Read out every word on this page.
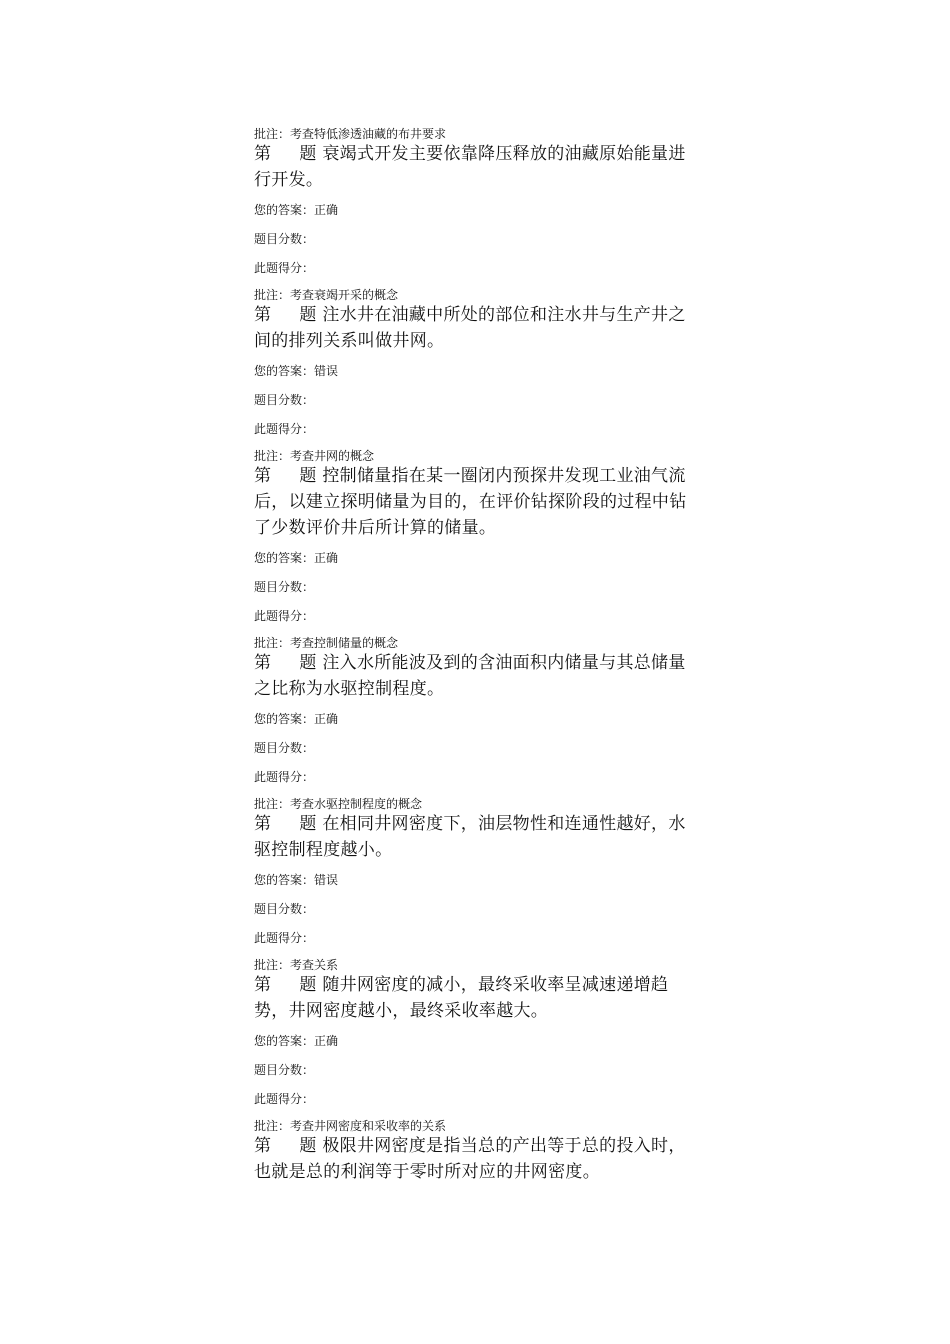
批注：考查特低渗透油藏的布井要求

第 题 衰竭式开发主要依靠降压释放的油藏原始能量进行开发。

您的答案：正确

题目分数：

此题得分：

批注：考查衰竭开采的概念

第 题 注水井在油藏中所处的部位和注水井与生产井之间的排列关系叫做井网。

您的答案：错误

题目分数：

此题得分：

批注：考查井网的概念

第 题 控制储量指在某一圈闭内预探井发现工业油气流后，以建立探明储量为目的，在评价钻探阶段的过程中钻了少数评价井后所计算的储量。

您的答案：正确

题目分数：

此题得分：

批注：考查控制储量的概念

第 题 注入水所能波及到的含油面积内储量与其总储量之比称为水驱控制程度。

您的答案：正确

题目分数：

此题得分：

批注：考查水驱控制程度的概念

第 题 在相同井网密度下，油层物性和连通性越好，水驱控制程度越小。

您的答案：错误

题目分数：

此题得分：

批注：考查关系

第 题 随井网密度的减小，最终采收率呈减速递增趋势，井网密度越小，最终采收率越大。

您的答案：正确

题目分数：

此题得分：

批注：考查井网密度和采收率的关系

第 题 极限井网密度是指当总的产出等于总的投入时，也就是总的利润等于零时所对应的井网密度。
